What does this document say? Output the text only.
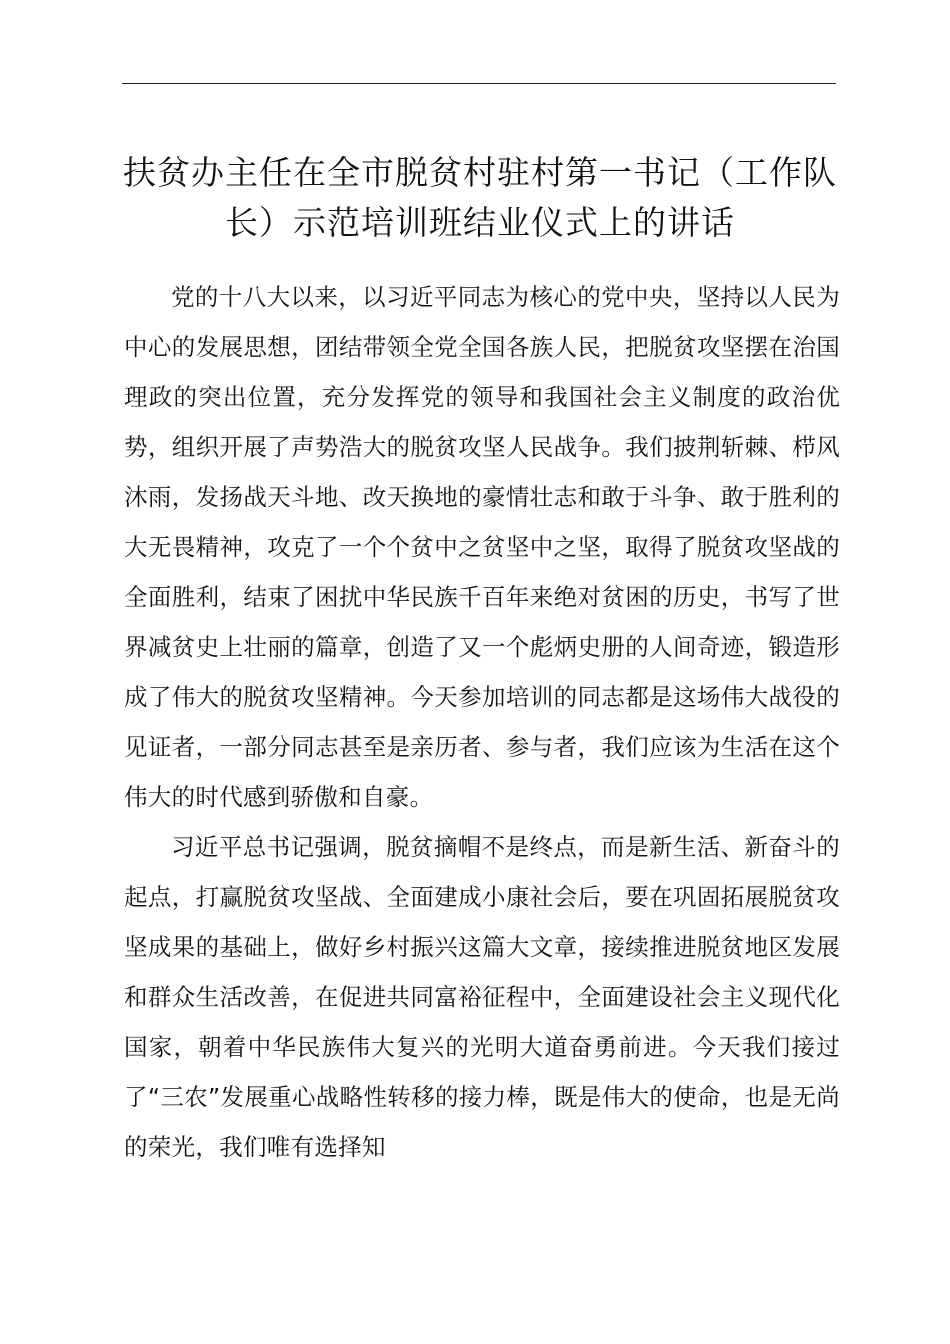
扶贫办主任在全市脱贫村驻村第一书记（工作队长）示范培训班结业仪式上的讲话

党的十八大以来，以习近平同志为核心的党中央，坚持以人民为中心的发展思想，团结带领全党全国各族人民，把脱贫攻坚摆在治国理政的突出位置，充分发挥党的领导和我国社会主义制度的政治优势，组织开展了声势浩大的脱贫攻坚人民战争。我们披荆斩棘、栉风沐雨，发扬战天斗地、改天换地的豪情壮志和敢于斗争、敢于胜利的大无畏精神，攻克了一个个贫中之贫坚中之坚，取得了脱贫攻坚战的全面胜利，结束了困扰中华民族千百年来绝对贫困的历史，书写了世界减贫史上壮丽的篇章，创造了又一个彪炳史册的人间奇迹，锻造形成了伟大的脱贫攻坚精神。今天参加培训的同志都是这场伟大战役的见证者，一部分同志甚至是亲历者、参与者，我们应该为生活在这个伟大的时代感到骄傲和自豪。

习近平总书记强调，脱贫摘帽不是终点，而是新生活、新奋斗的起点，打赢脱贫攻坚战、全面建成小康社会后，要在巩固拓展脱贫攻坚成果的基础上，做好乡村振兴这篇大文章，接续推进脱贫地区发展和群众生活改善，在促进共同富裕征程中，全面建设社会主义现代化国家，朝着中华民族伟大复兴的光明大道奋勇前进。今天我们接过了“三农”发展重心战略性转移的接力棒，既是伟大的使命，也是无尚的荣光，我们唯有选择知
